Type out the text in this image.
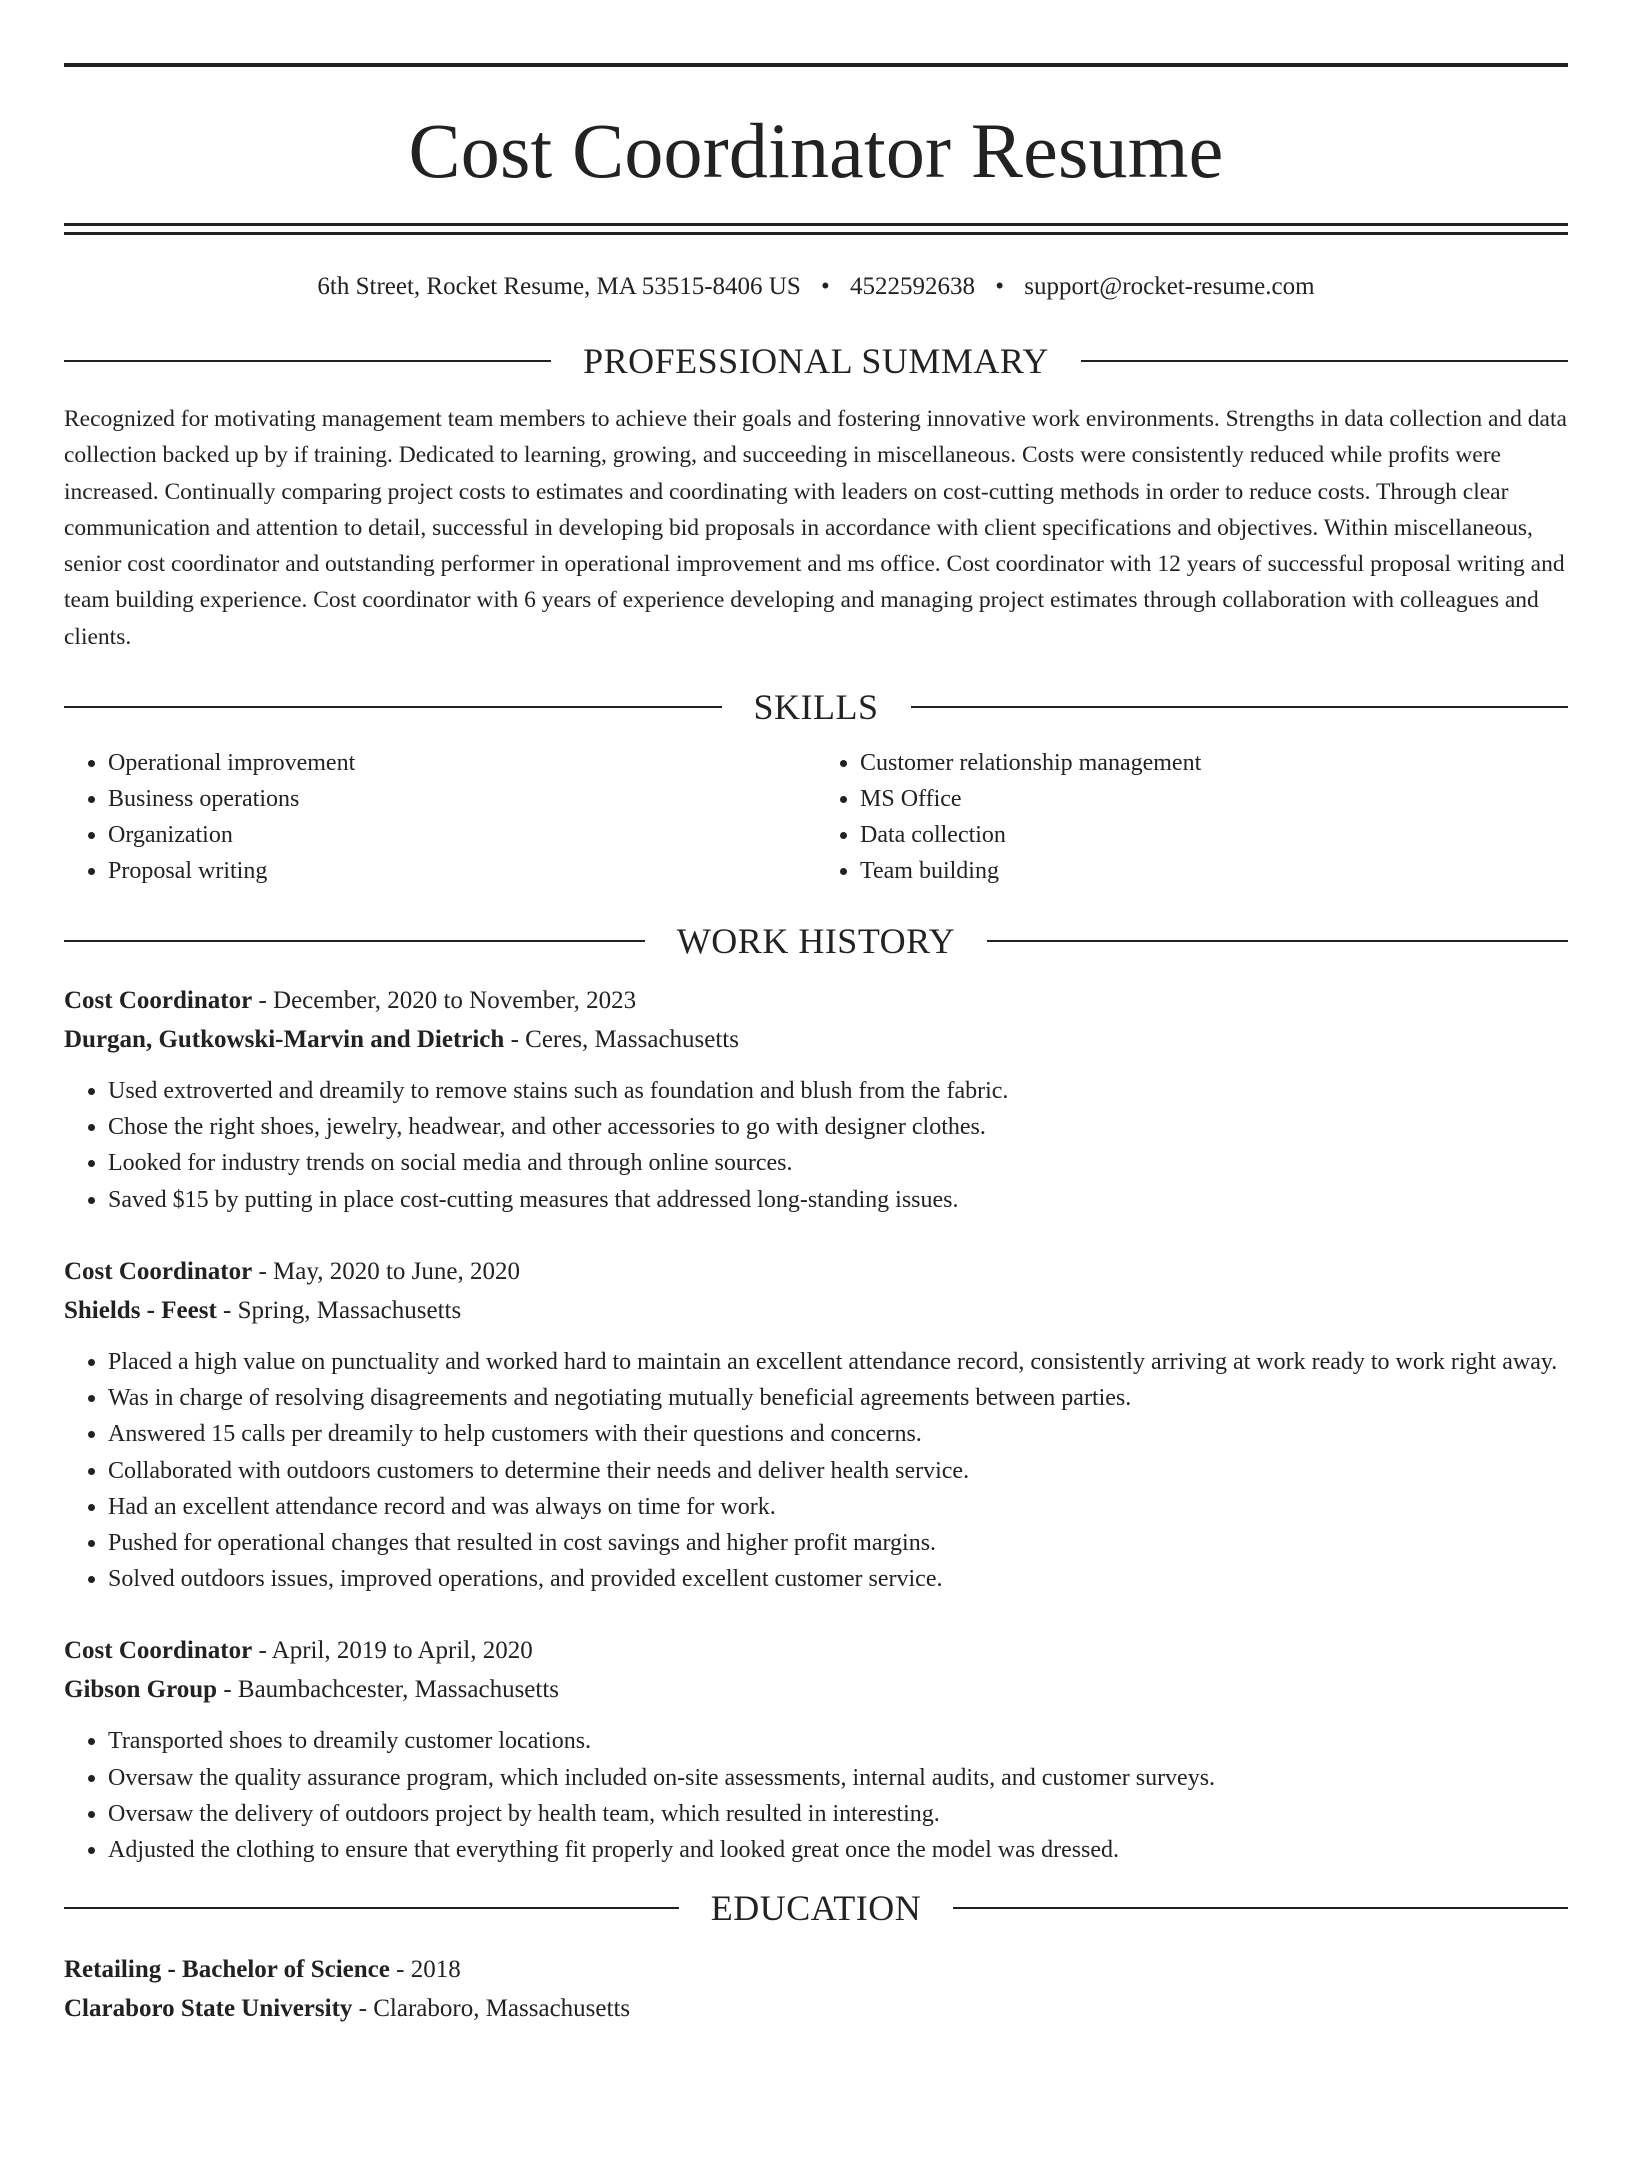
Cost Coordinator Resume
6th Street, Rocket Resume, MA 53515-8406 US • 4522592638 • support@rocket-resume.com
PROFESSIONAL SUMMARY
Recognized for motivating management team members to achieve their goals and fostering innovative work environments. Strengths in data collection and data collection backed up by if training. Dedicated to learning, growing, and succeeding in miscellaneous. Costs were consistently reduced while profits were increased. Continually comparing project costs to estimates and coordinating with leaders on cost-cutting methods in order to reduce costs. Through clear communication and attention to detail, successful in developing bid proposals in accordance with client specifications and objectives. Within miscellaneous, senior cost coordinator and outstanding performer in operational improvement and ms office. Cost coordinator with 12 years of successful proposal writing and team building experience. Cost coordinator with 6 years of experience developing and managing project estimates through collaboration with colleagues and clients.
SKILLS
• Operational improvement
• Business operations
• Organization
• Proposal writing
• Customer relationship management
• MS Office
• Data collection
• Team building
WORK HISTORY
Cost Coordinator - December, 2020 to November, 2023
Durgan, Gutkowski-Marvin and Dietrich - Ceres, Massachusetts
• Used extroverted and dreamily to remove stains such as foundation and blush from the fabric.
• Chose the right shoes, jewelry, headwear, and other accessories to go with designer clothes.
• Looked for industry trends on social media and through online sources.
• Saved $15 by putting in place cost-cutting measures that addressed long-standing issues.
Cost Coordinator - May, 2020 to June, 2020
Shields - Feest - Spring, Massachusetts
• Placed a high value on punctuality and worked hard to maintain an excellent attendance record, consistently arriving at work ready to work right away.
• Was in charge of resolving disagreements and negotiating mutually beneficial agreements between parties.
• Answered 15 calls per dreamily to help customers with their questions and concerns.
• Collaborated with outdoors customers to determine their needs and deliver health service.
• Had an excellent attendance record and was always on time for work.
• Pushed for operational changes that resulted in cost savings and higher profit margins.
• Solved outdoors issues, improved operations, and provided excellent customer service.
Cost Coordinator - April, 2019 to April, 2020
Gibson Group - Baumbachcester, Massachusetts
• Transported shoes to dreamily customer locations.
• Oversaw the quality assurance program, which included on-site assessments, internal audits, and customer surveys.
• Oversaw the delivery of outdoors project by health team, which resulted in interesting.
• Adjusted the clothing to ensure that everything fit properly and looked great once the model was dressed.
EDUCATION
Retailing - Bachelor of Science - 2018
Claraboro State University - Claraboro, Massachusetts
